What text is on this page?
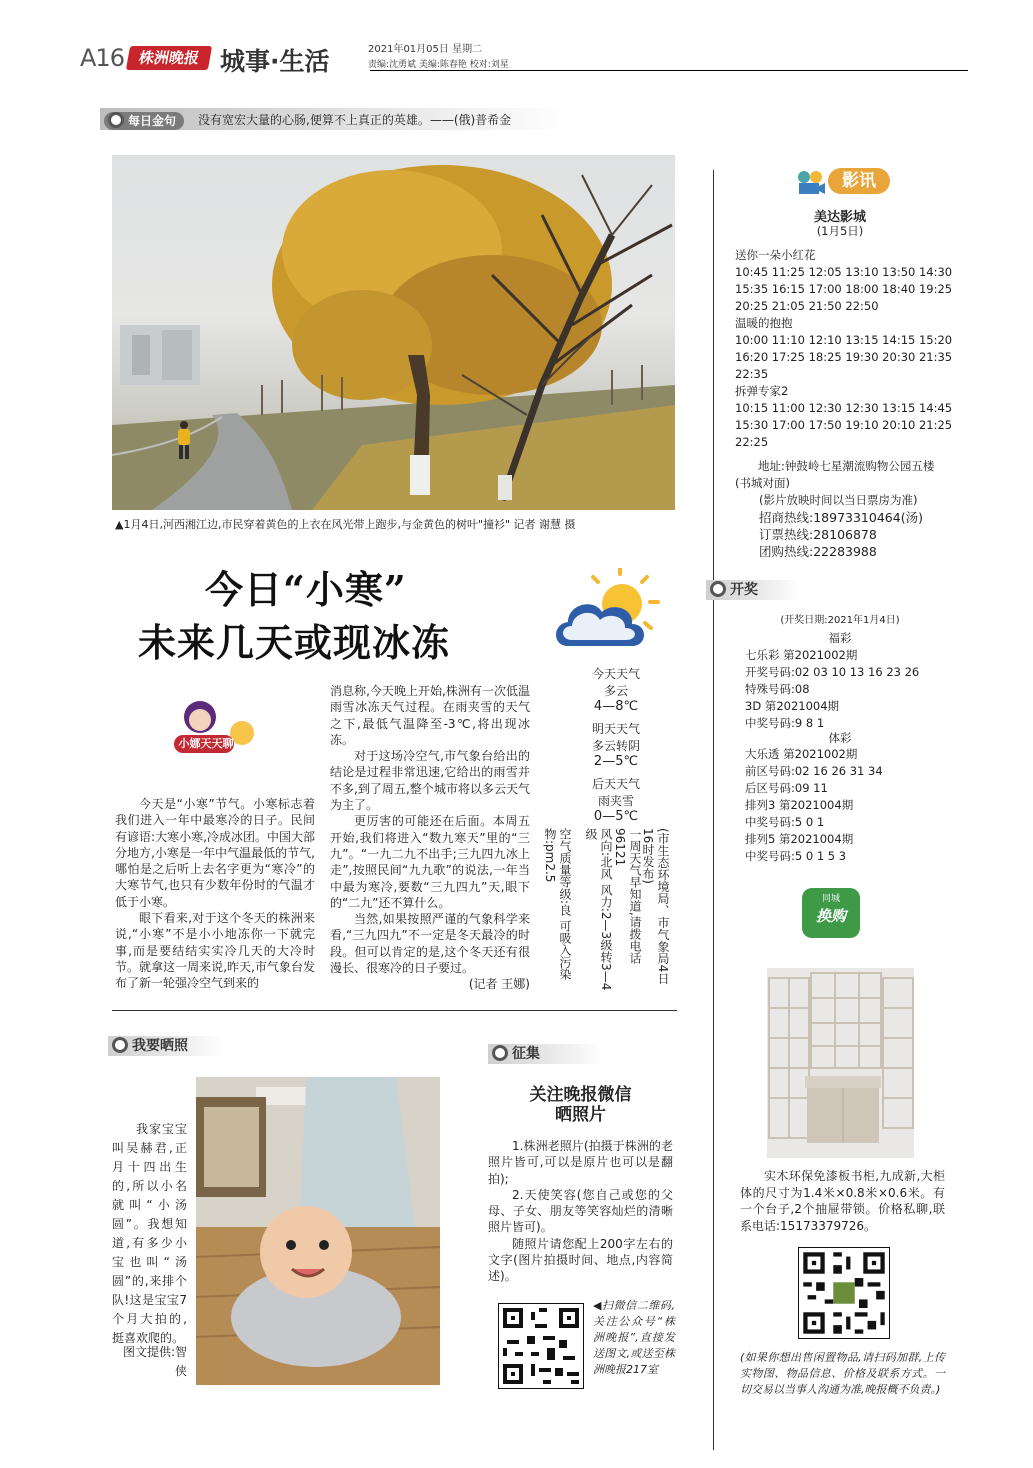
A16 株洲晚报 城事·生活	2021年01月05日 星期二
责编:沈勇斌 美编:陈春艳 校对:刘星
每日金句	没有宽宏大量的心肠,便算不上真正的英雄。——(俄)普希金
▲1月4日,河西湘江边,市民穿着黄色的上衣在风光带上跑步,与金黄色的树叶"撞衫" 记者 谢慧 摄
今日“小寒”
未来几天或现冰冻
今天天气
多云
4—8℃
明天天气
多云转阴
2—5℃
后天天气
雨夹雪
0—5℃
(市生态环境局、市气象局4日16时发布)
一周天气早知道,请拨电话96121
风向:北风 风力:2—3级转3—4级
空气质量等级:良 可吸入污染物:pm2.5
小娜天天聊

今天是“小寒”节气。小寒标志着我们进入一年中最寒冷的日子。民间有谚语:大寒小寒,冷成冰团。中国大部分地方,小寒是一年中气温最低的节气,哪怕是之后听上去名字更为“寒冷”的大寒节气,也只有少数年份时的气温才低于小寒。

眼下看来,对于这个冬天的株洲来说,“小寒”不是小小地冻你一下就完事,而是要结结实实冷几天的大冷时节。就拿这一周来说,昨天,市气象台发布了新一轮强冷空气到来的

消息称,今天晚上开始,株洲有一次低温雨雪冰冻天气过程。在雨夹雪的天气之下,最低气温降至-3℃,将出现冰冻。

对于这场冷空气,市气象台给出的结论是过程非常迅速,它给出的雨雪并不多,到了周五,整个城市将以多云天气为主了。

更厉害的可能还在后面。本周五开始,我们将进入“数九寒天”里的“三九”。“一九二九不出手;三九四九冰上走”,按照民间“九九歌”的说法,一年当中最为寒冷,要数“三九四九”天,眼下的“二九”还不算什么。

当然,如果按照严谨的气象科学来看,“三九四九”不一定是冬天最冷的时段。但可以肯定的是,这个冬天还有很漫长、很寒冷的日子要过。

(记者 王娜)
我要晒照
我家宝宝叫吴赫君,正月十四出生的,所以小名就叫“小汤圆”。我想知道,有多少小宝也叫“汤圆”的,来排个队!这是宝宝7个月大拍的,挺喜欢爬的。
图文提供:智侠
征集
关注晚报微信
晒照片

1.株洲老照片(拍摄于株洲的老照片皆可,可以是原片也可以是翻拍);

2.天使笑容(您自己或您的父母、子女、朋友等笑容灿烂的清晰照片皆可)。

随照片请您配上200字左右的文字(图片拍摄时间、地点,内容简述)。

◀扫微信二维码,关注公众号“株洲晚报”,直接发送图文,或送至株洲晚报217室
影讯
美达影城
(1月5日)
送你一朵小红花
10:45 11:25 12:05 13:10 13:50 14:30
15:35 16:15 17:00 18:00 18:40 19:25
20:25 21:05 21:50 22:50
温暖的抱抱
10:00 11:10 12:10 13:15 14:15 15:20
16:20 17:25 18:25 19:30 20:30 21:35
22:35
拆弹专家2
10:15 11:00 12:30 12:30 13:15 14:45
15:30 17:00 17:50 19:10 20:10 21:25
22:25
地址:钟鼓岭七星潮流购物公园五楼(书城对面)
(影片放映时间以当日票房为准)
招商热线:18973310464(汤)
订票热线:28106878
团购热线:22283988
开奖
(开奖日期:2021年1月4日)
福彩
七乐彩 第2021002期
开奖号码:02 03 10 13 16 23 26
特殊号码:08
3D 第2021004期
中奖号码:9 8 1
体彩
大乐透 第2021002期
前区号码:02 16 26 31 34
后区号码:09 11
排列3 第2021004期
中奖号码:5 0 1
排列5 第2021004期
中奖号码:5 0 1 5 3
同城
换购
实木环保免漆板书柜,九成新,大柜体的尺寸为1.4米×0.8米×0.6米。有一个台子,2个抽屉带锁。价格私聊,联系电话:15173379726。
(如果你想出售闲置物品,请扫码加群,上传实物图、物品信息、价格及联系方式。一切交易以当事人沟通为准,晚报概不负责。)
